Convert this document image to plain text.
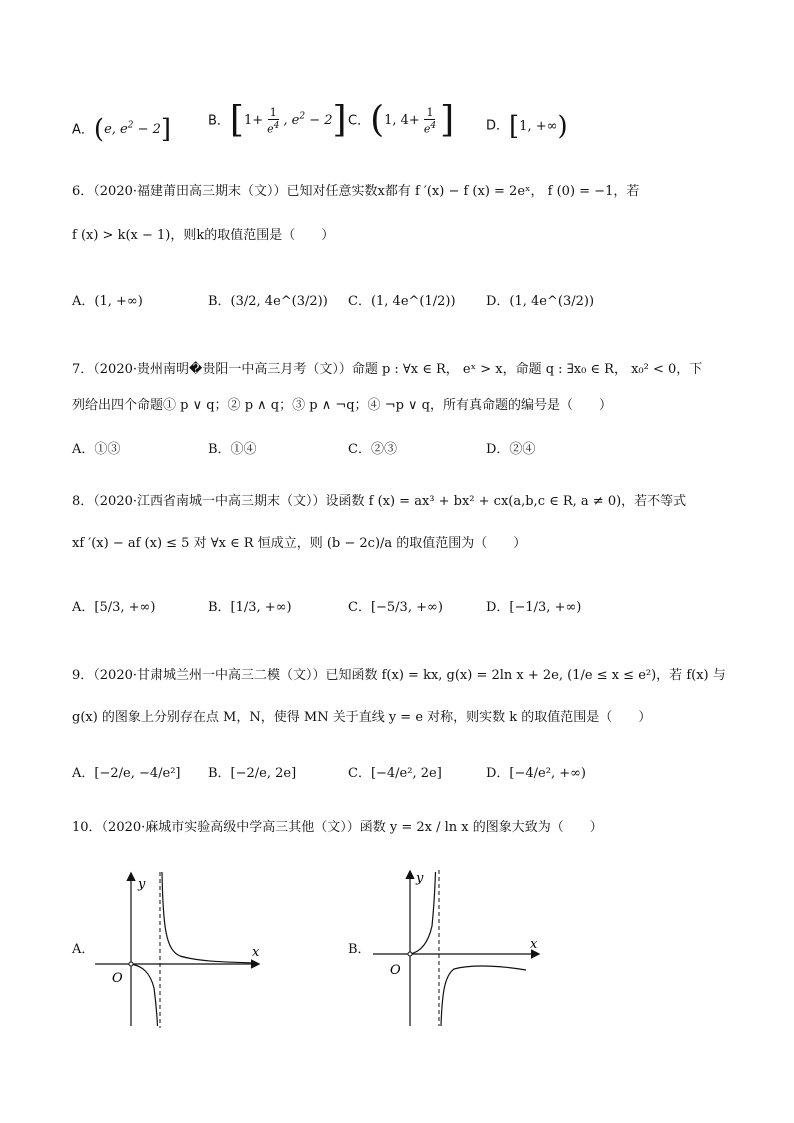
A．(e, $e^2 - 2$]	B．[$1+ \frac{1}{e^4}$ , $e^2 - 2$] C．(1, $4+ \frac{1}{e^4}$ ] D．[1, +∞)
6．（2020·福建莆田高三期末（文））已知对任意实数x都有 f ′(x) − f (x) = 2eˣ， f (0) = −1，若
f (x) > k(x − 1)，则k的取值范围是（　　）
A．(1, +∞)	B．(3/2, 4e^(3/2)) C．(1, 4e^(1/2)) D．(1, 4e^(3/2))
7．（2020·贵州南明�贵阳一中高三月考（文））命题 p : ∀x ∈ R， eˣ > x，命题 q : ∃x₀ ∈ R， x₀² < 0，下
列给出四个命题① p ∨ q；② p ∧ q；③ p ∧ ¬q；④ ¬p ∨ q，所有真命题的编号是（　　）
A．①③	B．①④	C．②③	D．②④
8．（2020·江西省南城一中高三期末（文））设函数 f (x) = ax³ + bx² + cx(a,b,c ∈ R, a ≠ 0)，若不等式
xf ′(x) − af (x) ≤ 5 对 ∀x ∈ R 恒成立，则 (b − 2c)/a 的取值范围为（　　）
A．[5/3, +∞)	B．[1/3, +∞)	C．[−5/3, +∞)	D．[−1/3, +∞)
9．（2020·甘肃城兰州一中高三二模（文））已知函数 f(x) = kx, g(x) = 2ln x + 2e, (1/e ≤ x ≤ e²)，若 f(x) 与
g(x) 的图象上分别存在点 M，N，使得 MN 关于直线 y = e 对称，则实数 k 的取值范围是（　　）
A．[−2/e, −4/e²] B．[−2/e, 2e]	C．[−4/e², 2e]	D．[−4/e², +∞)
10．（2020·麻城市实验高级中学高三其他（文））函数 y = 2x / ln x 的图象大致为（　　）
A．	x
y
O
B．	x
y
O
